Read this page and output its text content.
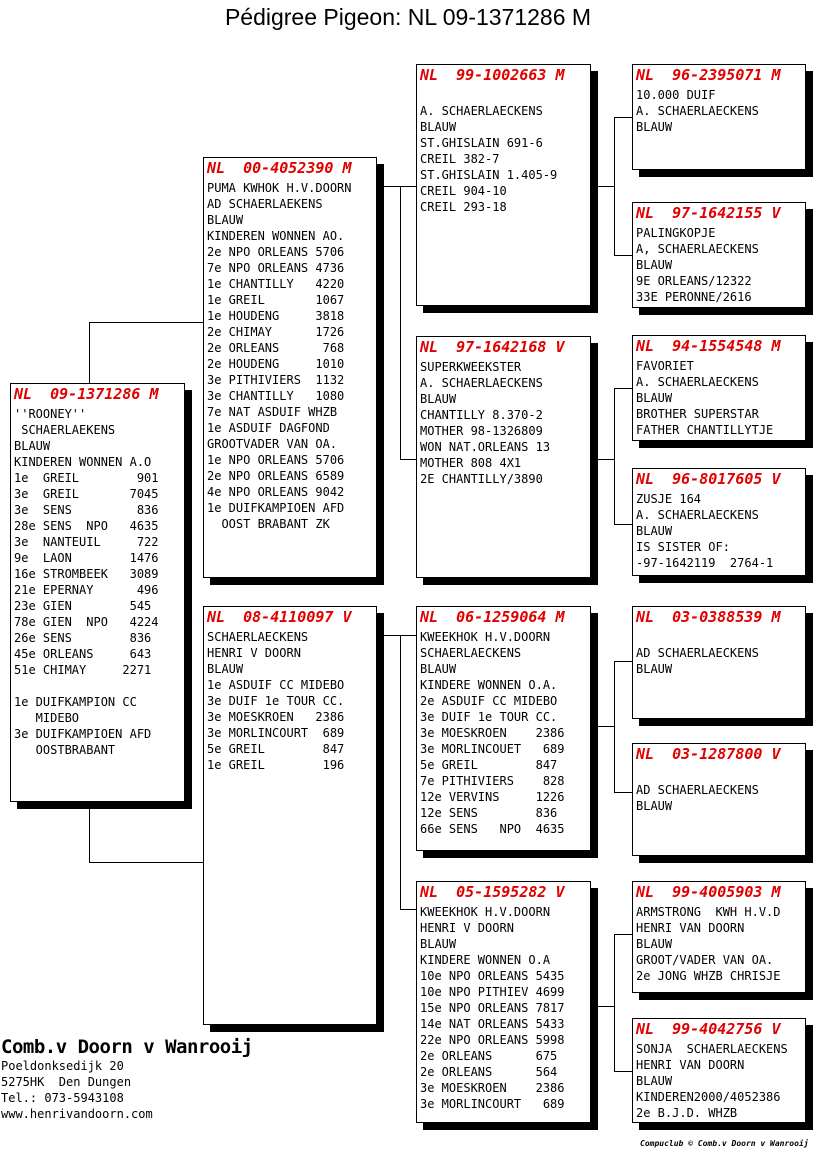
Pédigree Pigeon: NL 09-1371286 M
NL  09-1371286 M
''ROONEY''
SCHAERLAEKENS
BLAUW
KINDEREN WONNEN A.O
1e  GREIL        901
3e  GREIL       7045
3e  SENS         836
28e SENS  NPO   4635
3e  NANTEUIL     722
9e  LAON        1476
16e STROMBEEK   3089
21e EPERNAY      496
23e GIEN        545
78e GIEN  NPO   4224
26e SENS        836
45e ORLEANS     643
51e CHIMAY     2271
1e DUIFKAMPION CC
MIDEBO
3e DUIFKAMPIOEN AFD
OOSTBRABANT
NL  00-4052390 M
PUMA KWHOK H.V.DOORN
AD SCHAERLAEKENS
BLAUW
KINDEREN WONNEN AO.
2e NPO ORLEANS 5706
7e NPO ORLEANS 4736
1e CHANTILLY   4220
1e GREIL       1067
1e HOUDENG     3818
2e CHIMAY      1726
2e ORLEANS      768
2e HOUDENG     1010
3e PITHIVIERS  1132
3e CHANTILLY   1080
7e NAT ASDUIF WHZB
1e ASDUIF DAGFOND
GROOTVADER VAN OA.
1e NPO ORLEANS 5706
2e NPO ORLEANS 6589
4e NPO ORLEANS 9042
1e DUIFKAMPIOEN AFD
OOST BRABANT ZK
NL  08-4110097 V
SCHAERLAECKENS
HENRI V DOORN
BLAUW
1e ASDUIF CC MIDEBO
3e DUIF 1e TOUR CC.
3e MOESKROEN   2386
3e MORLINCOURT  689
5e GREIL        847
1e GREIL        196
NL  99-1002663 M
A. SCHAERLAECKENS
BLAUW
ST.GHISLAIN 691-6
CREIL 382-7
ST.GHISLAIN 1.405-9
CREIL 904-10
CREIL 293-18
NL  97-1642168 V
SUPERKWEEKSTER
A. SCHAERLAECKENS
BLAUW
CHANTILLY 8.370-2
MOTHER 98-1326809
WON NAT.ORLEANS 13
MOTHER 808 4X1
2E CHANTILLY/3890
NL  06-1259064 M
KWEEKHOK H.V.DOORN
SCHAERLAECKENS
BLAUW
KINDERE WONNEN O.A.
2e ASDUIF CC MIDEBO
3e DUIF 1e TOUR CC.
3e MOESKROEN    2386
3e MORLINCOUET   689
5e GREIL        847
7e PITHIVIERS    828
12e VERVINS     1226
12e SENS        836
66e SENS   NPO  4635
NL  05-1595282 V
KWEEKHOK H.V.DOORN
HENRI V DOORN
BLAUW
KINDERE WONNEN O.A
10e NPO ORLEANS 5435
10e NPO PITHIEV 4699
15e NPO ORLEANS 7817
14e NAT ORLEANS 5433
22e NPO ORLEANS 5998
2e ORLEANS      675
2e ORLEANS      564
3e MOESKROEN    2386
3e MORLINCOURT   689
NL  96-2395071 M
10.000 DUIF
A. SCHAERLAECKENS
BLAUW
NL  97-1642155 V
PALINGKOPJE
A, SCHAERLAECKENS
BLAUW
9E ORLEANS/12322
33E PERONNE/2616
NL  94-1554548 M
FAVORIET
A. SCHAERLAECKENS
BLAUW
BROTHER SUPERSTAR
FATHER CHANTILLYTJE
NL  96-8017605 V
ZUSJE 164
A. SCHAERLAECKENS
BLAUW
IS SISTER OF:
-97-1642119  2764-1
NL  03-0388539 M
AD SCHAERLAECKENS
BLAUW
NL  03-1287800 V
AD SCHAERLAECKENS
BLAUW
NL  99-4005903 M
ARMSTRONG  KWH H.V.D
HENRI VAN DOORN
BLAUW
GROOT/VADER VAN OA.
2e JONG WHZB CHRISJE
NL  99-4042756 V
SONJA  SCHAERLAECKENS
HENRI VAN DOORN
BLAUW
KINDEREN2000/4052386
2e B.J.D. WHZB
Comb.v Doorn v Wanrooij
Poeldonksedijk 20
5275HK  Den Dungen
Tel.: 073-5943108
www.henrivandoorn.com
Compuclub © Comb.v Doorn v Wanrooij
